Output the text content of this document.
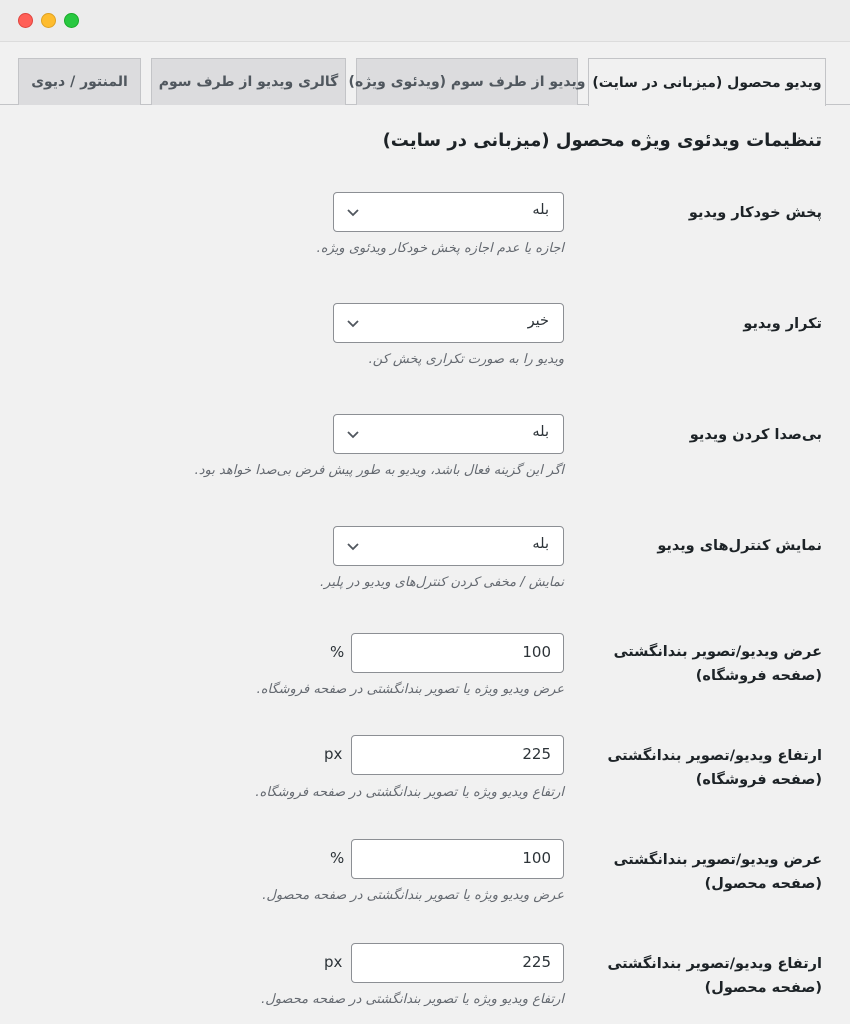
ویدیو محصول (میزبانی در سایت)
ویدیو از طرف سوم (ویدئوی ویژه)
گالری ویدیو از طرف سوم
المنتور / دیوی
تنظیمات ویدئوی ویژه محصول (میزبانی در سایت)
پخش خودکار ویدیو
بله
اجازه یا عدم اجازه پخش خودکار ویدئوی ویژه.
تکرار ویدیو
خیر
ویدیو را به صورت تکراری پخش کن.
بی‌صدا کردن ویدیو
بله
اگر این گزینه فعال باشد، ویدیو به طور پیش فرض بی‌صدا خواهد بود.
نمایش کنترل‌های ویدیو
بله
نمایش / مخفی کردن کنترل‌های ویدیو در پلیر.
عرض ویدیو/تصویر بندانگشتی (صفحه فروشگاه)
%	100
عرض ویدیو ویژه یا تصویر بندانگشتی در صفحه فروشگاه.
ارتفاع ویدیو/تصویر بندانگشتی (صفحه فروشگاه)
px	225
ارتفاع ویدیو ویژه یا تصویر بندانگشتی در صفحه فروشگاه.
عرض ویدیو/تصویر بندانگشتی (صفحه محصول)
%	100
عرض ویدیو ویژه یا تصویر بندانگشتی در صفحه محصول.
ارتفاع ویدیو/تصویر بندانگشتی (صفحه محصول)
px	225
ارتفاع ویدیو ویژه یا تصویر بندانگشتی در صفحه محصول.
